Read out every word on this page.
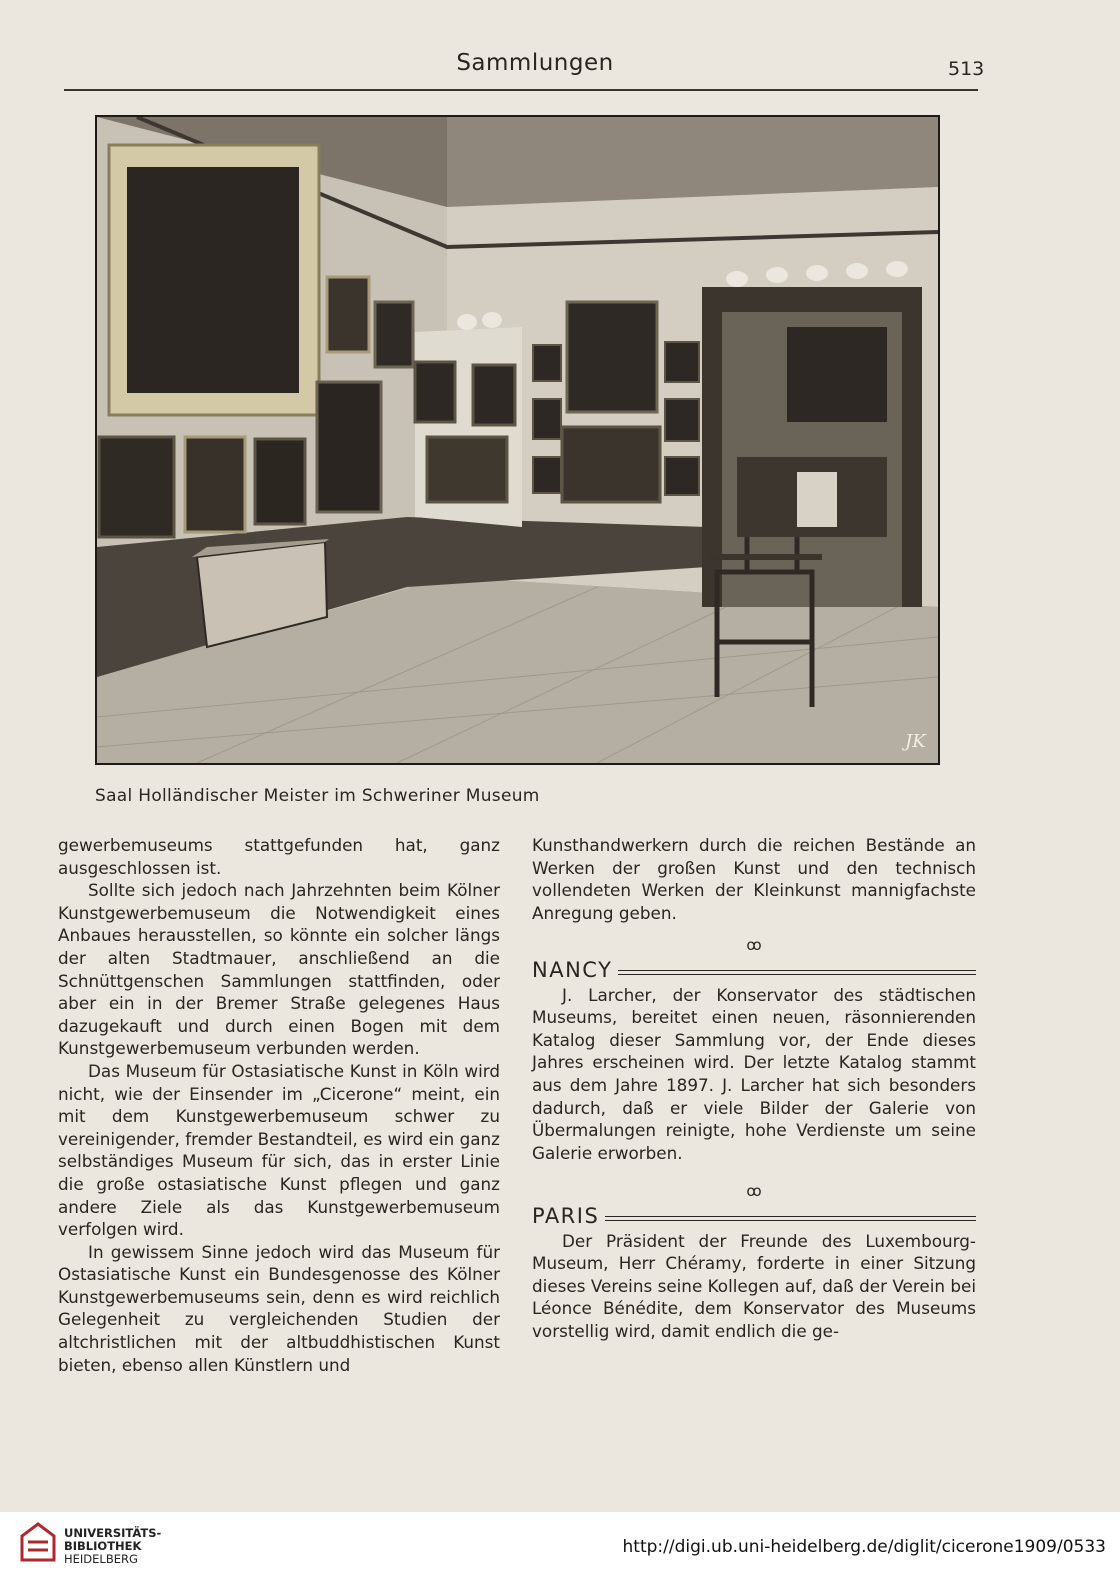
Sammlungen	513
JK
Saal Holländischer Meister im Schweriner Museum

gewerbemuseums stattgefunden hat, ganz ausgeschlossen ist.

Sollte sich jedoch nach Jahrzehnten beim Kölner Kunstgewerbemuseum die Notwendigkeit eines Anbaues herausstellen, so könnte ein solcher längs der alten Stadtmauer, anschließend an die Schnüttgenschen Sammlungen stattfinden, oder aber ein in der Bremer Straße gelegenes Haus dazugekauft und durch einen Bogen mit dem Kunstgewerbemuseum verbunden werden.

Das Museum für Ostasiatische Kunst in Köln wird nicht, wie der Einsender im „Cicerone“ meint, ein mit dem Kunstgewerbemuseum schwer zu vereinigender, fremder Bestandteil, es wird ein ganz selbständiges Museum für sich, das in erster Linie die große ostasiatische Kunst pflegen und ganz andere Ziele als das Kunstgewerbemuseum verfolgen wird.

In gewissem Sinne jedoch wird das Museum für Ostasiatische Kunst ein Bundesgenosse des Kölner Kunstgewerbemuseums sein, denn es wird reichlich Gelegenheit zu vergleichenden Studien der altchristlichen mit der altbuddhistischen Kunst bieten, ebenso allen Künstlern und

Kunsthandwerkern durch die reichen Bestände an Werken der großen Kunst und den technisch vollendeten Werken der Kleinkunst mannigfachste Anregung geben.

ꝏ
NANCY

J. Larcher, der Konservator des städtischen Museums, bereitet einen neuen, räsonnierenden Katalog dieser Sammlung vor, der Ende dieses Jahres erscheinen wird. Der letzte Katalog stammt aus dem Jahre 1897. J. Larcher hat sich besonders dadurch, daß er viele Bilder der Galerie von Übermalungen reinigte, hohe Verdienste um seine Galerie erworben.

ꝏ
PARIS

Der Präsident der Freunde des Luxembourg-Museum, Herr Chéramy, forderte in einer Sitzung dieses Vereins seine Kollegen auf, daß der Verein bei Léonce Bénédite, dem Konservator des Museums vorstellig wird, damit endlich die ge-

UNIVERSITÄTS-
BIBLIOTHEK
HEIDELBERG
http://digi.ub.uni-heidelberg.de/diglit/cicerone1909/0533
